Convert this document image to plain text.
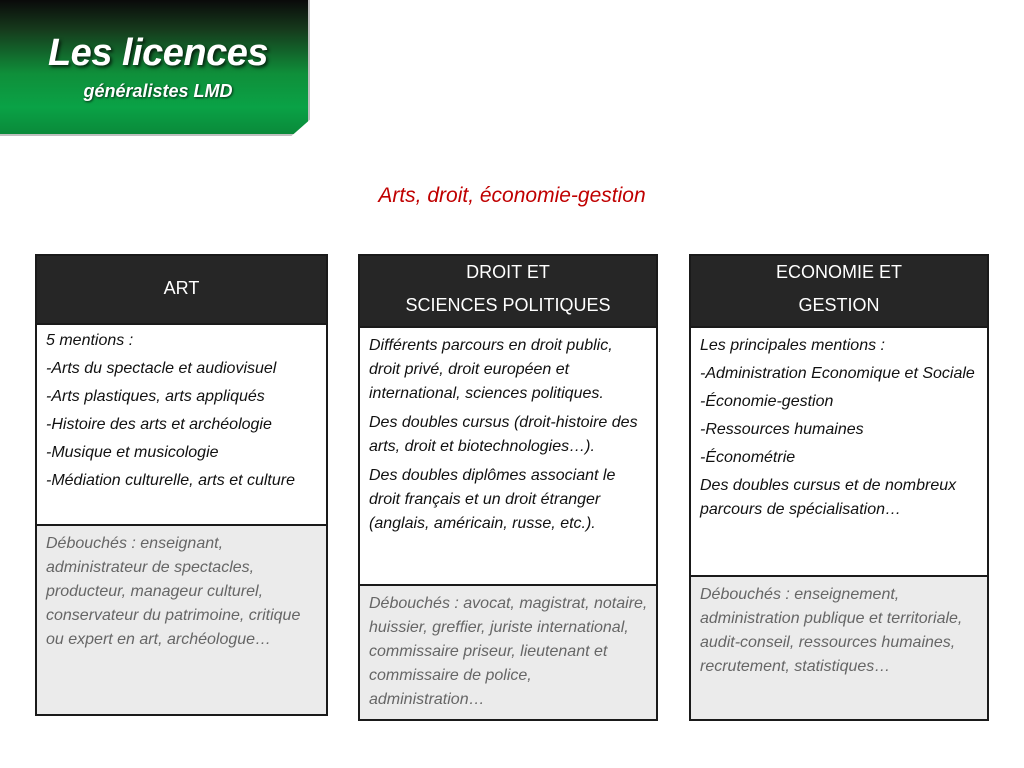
Les licences
généralistes LMD
Arts, droit, économie-gestion
ART

5 mentions :

-Arts du spectacle et audiovisuel

-Arts plastiques, arts appliqués

-Histoire des arts et archéologie

-Musique et musicologie

-Médiation culturelle, arts et culture

Débouchés : enseignant, administrateur de spectacles, producteur, manageur culturel, conservateur du patrimoine, critique ou expert en art, archéologue…
DROIT ET
SCIENCES POLITIQUES

Différents parcours en droit public, droit privé, droit européen et international, sciences politiques.

Des doubles cursus (droit-histoire des arts, droit et biotechnologies…).

Des doubles diplômes associant le droit français et un droit étranger (anglais, américain, russe, etc.).

Débouchés : avocat, magistrat, notaire, huissier, greffier, juriste international, commissaire priseur, lieutenant et commissaire de police, administration…
ECONOMIE ET
GESTION

Les principales mentions :

-Administration Economique et Sociale

-Économie-gestion

-Ressources humaines

-Économétrie

Des doubles cursus et de nombreux parcours de spécialisation…

Débouchés : enseignement, administration publique et territoriale, audit-conseil, ressources humaines, recrutement, statistiques…
